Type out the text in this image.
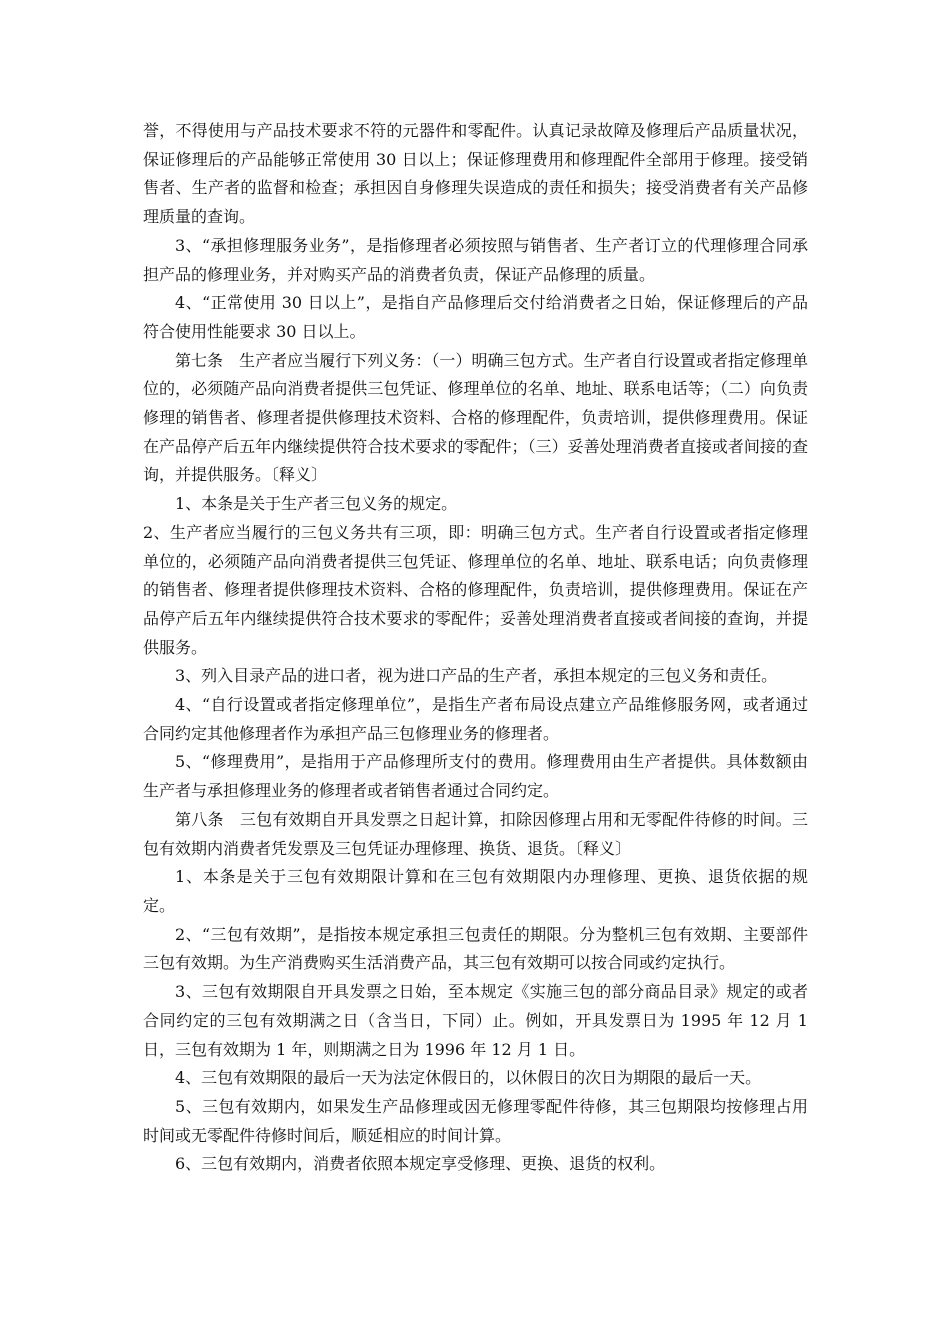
誉，不得使用与产品技术要求不符的元器件和零配件。认真记录故障及修理后产品质量状况，保证修理后的产品能够正常使用 30 日以上；保证修理费用和修理配件全部用于修理。接受销售者、生产者的监督和检查；承担因自身修理失误造成的责任和损失；接受消费者有关产品修理质量的查询。

3、“承担修理服务业务”，是指修理者必须按照与销售者、生产者订立的代理修理合同承担产品的修理业务，并对购买产品的消费者负责，保证产品修理的质量。

4、“正常使用 30 日以上”，是指自产品修理后交付给消费者之日始，保证修理后的产品符合使用性能要求 30 日以上。

第七条　生产者应当履行下列义务：（一）明确三包方式。生产者自行设置或者指定修理单位的，必须随产品向消费者提供三包凭证、修理单位的名单、地址、联系电话等；（二）向负责修理的销售者、修理者提供修理技术资料、合格的修理配件，负责培训，提供修理费用。保证在产品停产后五年内继续提供符合技术要求的零配件；（三）妥善处理消费者直接或者间接的查询，并提供服务。〔释义〕

1、本条是关于生产者三包义务的规定。

2、生产者应当履行的三包义务共有三项，即：明确三包方式。生产者自行设置或者指定修理单位的，必须随产品向消费者提供三包凭证、修理单位的名单、地址、联系电话；向负责修理的销售者、修理者提供修理技术资料、合格的修理配件，负责培训，提供修理费用。保证在产品停产后五年内继续提供符合技术要求的零配件；妥善处理消费者直接或者间接的查询，并提供服务。

3、列入目录产品的进口者，视为进口产品的生产者，承担本规定的三包义务和责任。

4、“自行设置或者指定修理单位”，是指生产者布局设点建立产品维修服务网，或者通过合同约定其他修理者作为承担产品三包修理业务的修理者。

5、“修理费用”，是指用于产品修理所支付的费用。修理费用由生产者提供。具体数额由生产者与承担修理业务的修理者或者销售者通过合同约定。

第八条　三包有效期自开具发票之日起计算，扣除因修理占用和无零配件待修的时间。三包有效期内消费者凭发票及三包凭证办理修理、换货、退货。〔释义〕

1、本条是关于三包有效期限计算和在三包有效期限内办理修理、更换、退货依据的规定。

2、“三包有效期”，是指按本规定承担三包责任的期限。分为整机三包有效期、主要部件三包有效期。为生产消费购买生活消费产品，其三包有效期可以按合同或约定执行。

3、三包有效期限自开具发票之日始，至本规定《实施三包的部分商品目录》规定的或者合同约定的三包有效期满之日（含当日，下同）止。例如，开具发票日为 1995 年 12 月 1 日，三包有效期为 1 年，则期满之日为 1996 年 12 月 1 日。

4、三包有效期限的最后一天为法定休假日的，以休假日的次日为期限的最后一天。

5、三包有效期内，如果发生产品修理或因无修理零配件待修，其三包期限均按修理占用时间或无零配件待修时间后，顺延相应的时间计算。

6、三包有效期内，消费者依照本规定享受修理、更换、退货的权利。
